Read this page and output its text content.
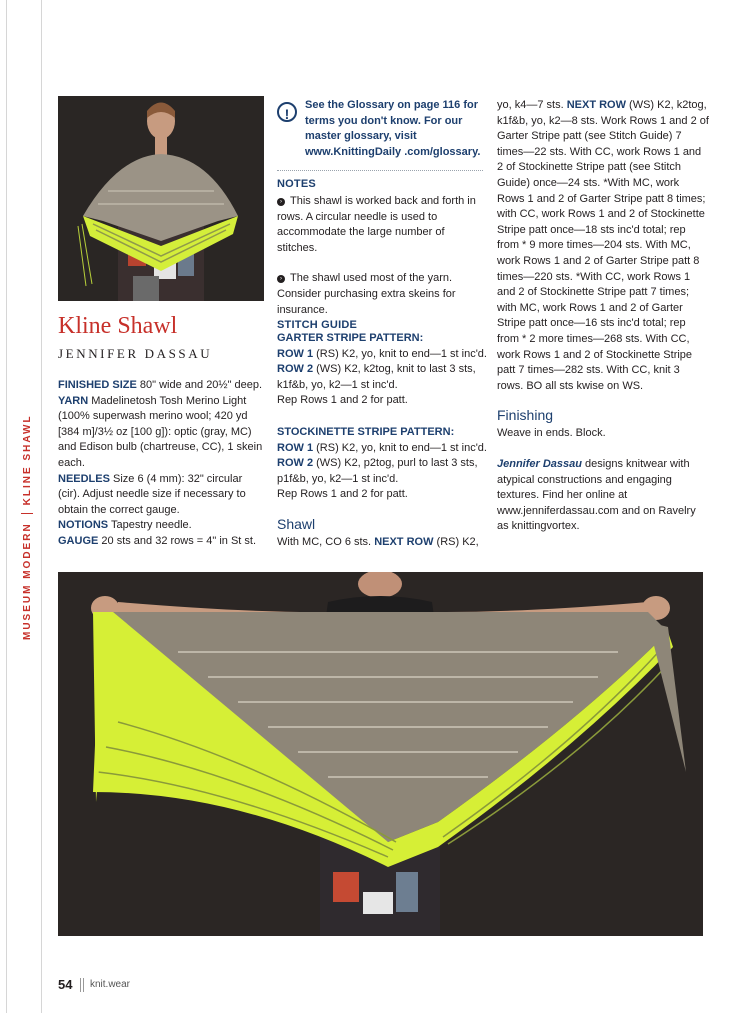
MUSEUM MODERN
KLINE SHAWL
Kline Shawl
JENNIFER DASSAU

FINISHED SIZE 80" wide and 20½" deep.

YARN Madelinetosh Tosh Merino Light (100% superwash merino wool; 420 yd [384 m]/3½ oz [100 g]): optic (gray, MC) and Edison bulb (chartreuse, CC), 1 skein each.

NEEDLES Size 6 (4 mm): 32" circular (cir). Adjust needle size if necessary to obtain the correct gauge.

NOTIONS Tapestry needle.

GAUGE 20 sts and 32 rows = 4" in St st.

!
See the Glossary on page 116 for terms you don't know. For our master glossary, visit www.KnittingDaily .com/glossary.
NOTES

› This shawl is worked back and forth in rows. A circular needle is used to accommodate the large number of stitches.

› The shawl used most of the yarn. Consider purchasing extra skeins for insurance.

STITCH GUIDE

GARTER STRIPE PATTERN:

ROW 1 (RS) K2, yo, knit to end—1 st inc'd.

ROW 2 (WS) K2, k2tog, knit to last 3 sts, k1f&b, yo, k2—1 st inc'd.

Rep Rows 1 and 2 for patt.

STOCKINETTE STRIPE PATTERN:

ROW 1 (RS) K2, yo, knit to end—1 st inc'd.

ROW 2 (WS) K2, p2tog, purl to last 3 sts, p1f&b, yo, k2—1 st inc'd.

Rep Rows 1 and 2 for patt.

Shawl

With MC, CO 6 sts. NEXT ROW (RS) K2,

yo, k4—7 sts. NEXT ROW (WS) K2, k2tog, k1f&b, yo, k2—8 sts. Work Rows 1 and 2 of Garter Stripe patt (see Stitch Guide) 7 times—22 sts. With CC, work Rows 1 and 2 of Stockinette Stripe patt (see Stitch Guide) once—24 sts. *With MC, work Rows 1 and 2 of Garter Stripe patt 8 times; with CC, work Rows 1 and 2 of Stockinette Stripe patt once—18 sts inc'd total; rep from * 9 more times—204 sts. With MC, work Rows 1 and 2 of Garter Stripe patt 8 times—220 sts. *With CC, work Rows 1 and 2 of Stockinette Stripe patt 7 times; with MC, work Rows 1 and 2 of Garter Stripe patt once—16 sts inc'd total; rep from * 2 more times—268 sts. With CC, work Rows 1 and 2 of Stockinette Stripe patt 7 times—282 sts. With CC, knit 3 rows. BO all sts kwise on WS.

Finishing
Weave in ends. Block.

Jennifer Dassau designs knitwear with atypical constructions and engaging textures. Find her online at www.jenniferdassau.com and on Ravelry as knittingvortex.

54 knit.wear
